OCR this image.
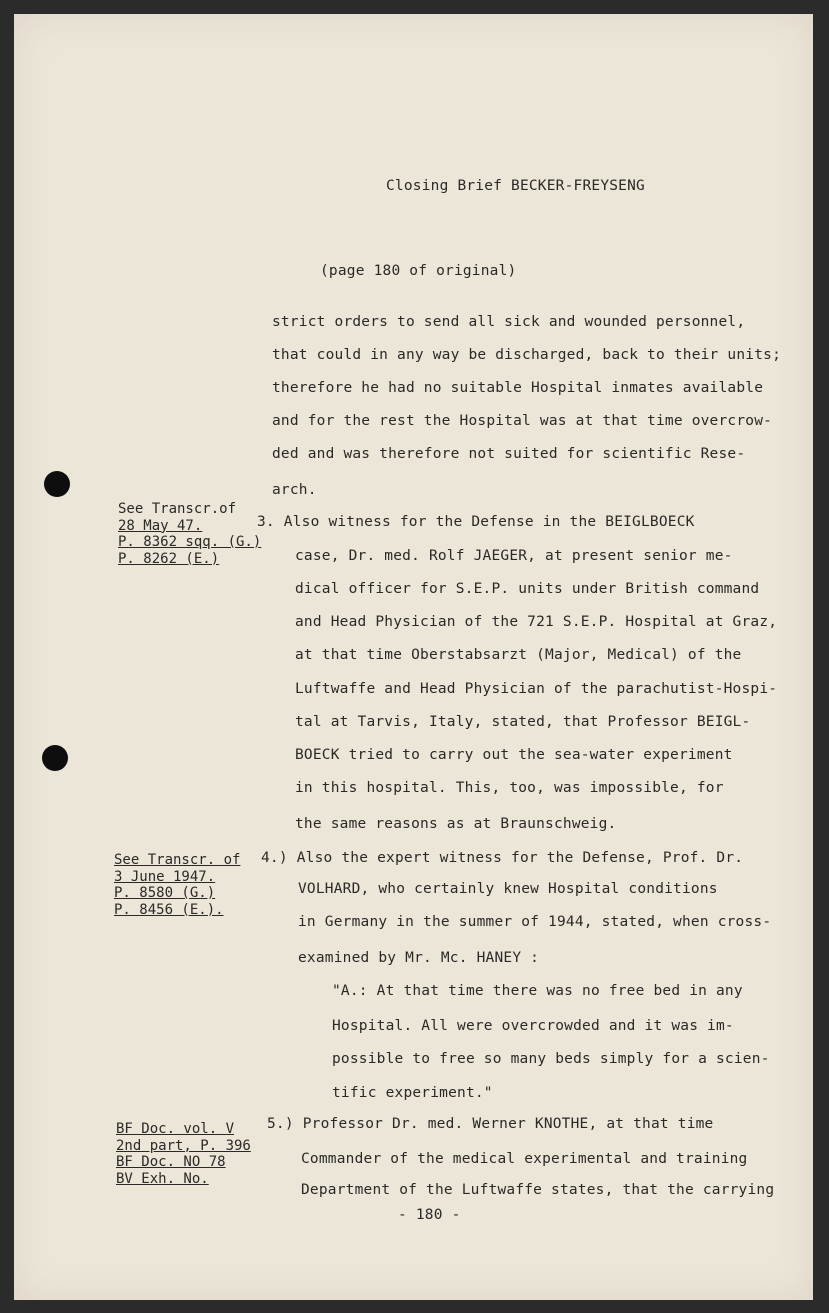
Closing Brief BECKER-FREYSENG
(page 180 of original)
strict orders to send all sick and wounded personnel,
that could in any way be discharged, back to their units;
therefore he had no suitable Hospital inmates available
and for the rest the Hospital was at that time overcrow-
ded and was therefore not suited for scientific Rese-
arch.
See Transcr.of
28 May 47.
P. 8362 sqq. (G.)
P. 8262 (E.)
3. Also witness for the Defense in the BEIGLBOECK
case, Dr. med. Rolf JAEGER, at present senior me-
dical officer for S.E.P. units under British command
and Head Physician of the 721 S.E.P. Hospital at Graz,
at that time Oberstabsarzt (Major, Medical) of the
Luftwaffe and Head Physician of the parachutist-Hospi-
tal at Tarvis, Italy, stated, that Professor BEIGL-
BOECK tried to carry out the sea-water experiment
in this hospital. This, too, was impossible, for
the same reasons as at Braunschweig.
See Transcr. of
3 June 1947.
P. 8580 (G.)
P. 8456 (E.).
4.) Also the expert witness for the Defense, Prof. Dr.
VOLHARD, who certainly knew Hospital conditions
in Germany in the summer of 1944, stated, when cross-
examined by Mr. Mc. HANEY :
"A.: At that time there was no free bed in any
Hospital. All were overcrowded and it was im-
possible to free so many beds simply for a scien-
tific experiment."
BF Doc. vol. V
2nd part, P. 396
BF Doc. NO 78
BV Exh. No.
5.) Professor Dr. med. Werner KNOTHE, at that time
Commander of the medical experimental and training
Department of the Luftwaffe states, that the carrying
- 180 -
